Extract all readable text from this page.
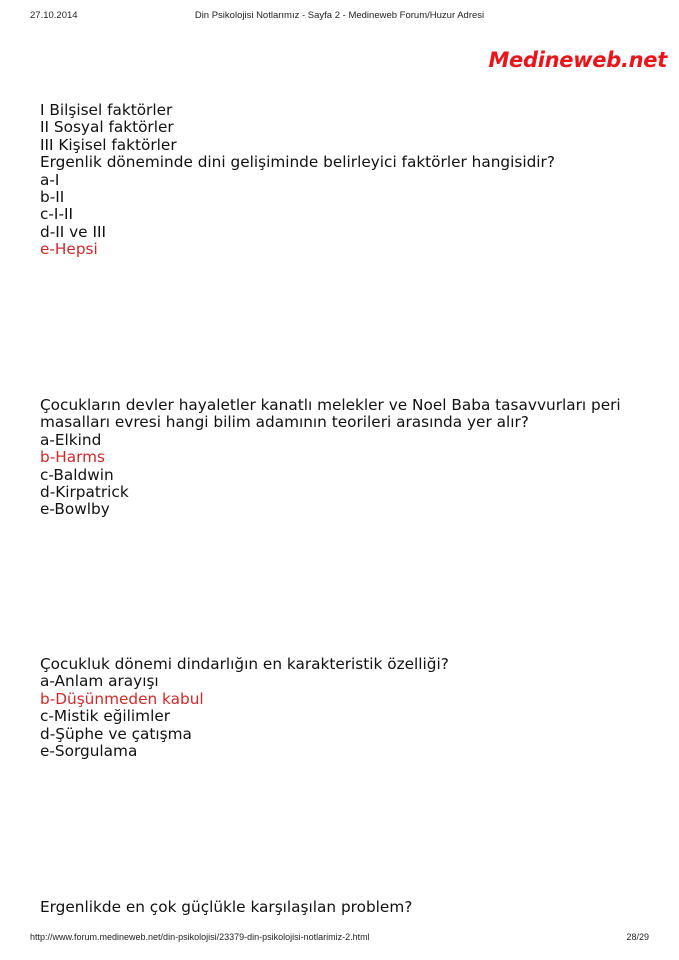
27.10.2014	Din Psikolojisi Notlarımız - Sayfa 2 - Medineweb Forum/Huzur Adresi
Medineweb.net
I Bilşisel faktörler
II Sosyal faktörler
III Kişisel faktörler
Ergenlik döneminde dini gelişiminde belirleyici faktörler hangisidir?
a-I
b-II
c-I-II
d-II ve III
e-Hepsi
Çocukların devler hayaletler kanatlı melekler ve Noel Baba tasavvurları peri
masalları evresi hangi bilim adamının teorileri arasında yer alır?
a-Elkind
b-Harms
c-Baldwin
d-Kirpatrick
e-Bowlby
Çocukluk dönemi dindarlığın en karakteristik özelliği?
a-Anlam arayışı
b-Düşünmeden kabul
c-Mistik eğilimler
d-Şüphe ve çatışma
e-Sorgulama
Ergenlikde en çok güçlükle karşılaşılan problem?
http://www.forum.medineweb.net/din-psikolojisi/23379-din-psikolojisi-notlarimiz-2.html	28/29
